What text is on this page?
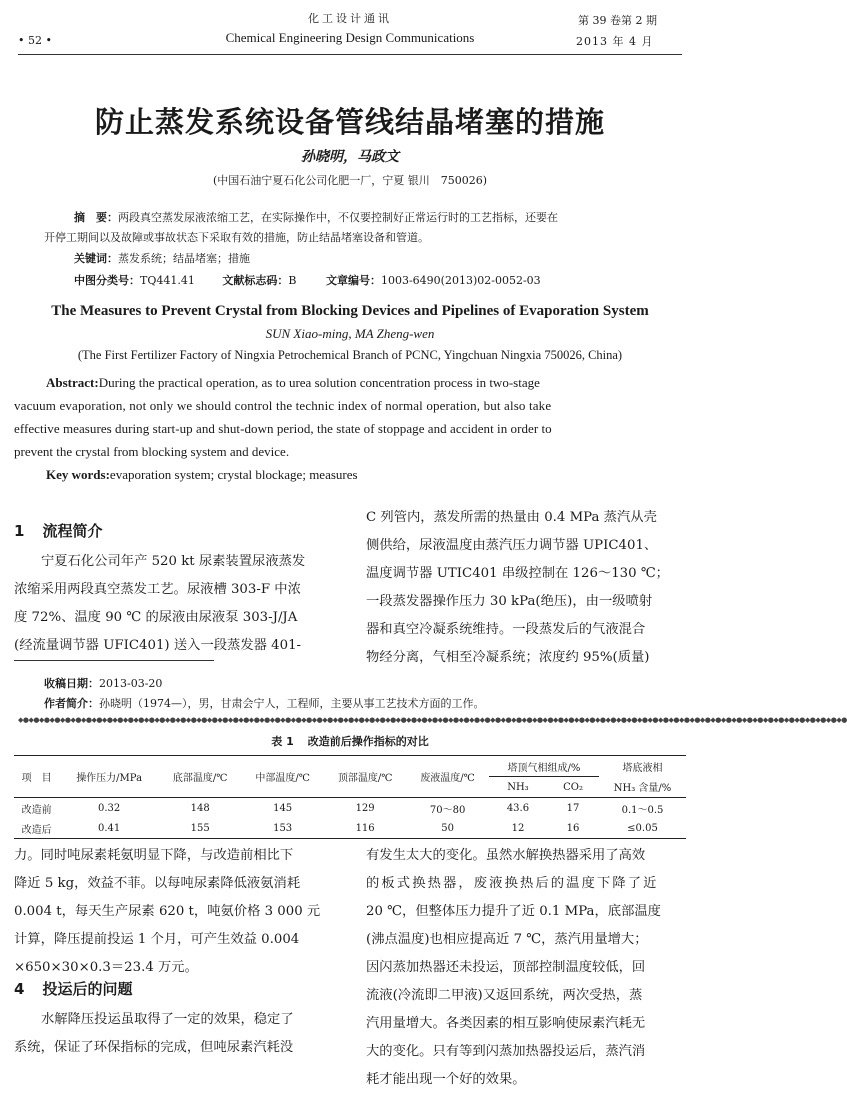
• 52 •
化工设计通讯
Chemical Engineering Design Communications
第 39 卷第 2 期
2013 年 4 月
防止蒸发系统设备管线结晶堵塞的措施
孙晓明，马政文
(中国石油宁夏石化公司化肥一厂，宁夏 银川　750026)
摘　要：两段真空蒸发尿液浓缩工艺，在实际操作中，不仅要控制好正常运行时的工艺指标，还要在
开停工期间以及故障或事故状态下采取有效的措施，防止结晶堵塞设备和管道。
关键词：蒸发系统；结晶堵塞；措施
中图分类号：TQ441.41	文献标志码：B	文章编号：1003-6490(2013)02-0052-03
The Measures to Prevent Crystal from Blocking Devices and Pipelines of Evaporation System
SUN Xiao-ming, MA Zheng-wen
(The First Fertilizer Factory of Ningxia Petrochemical Branch of PCNC, Yingchuan Ningxia 750026, China)
Abstract:During the practical operation, as to urea solution concentration process in two-stage
vacuum evaporation, not only we should control the technic index of normal operation, but also take
effective measures during start-up and shut-down period, the state of stoppage and accident in order to
prevent the crystal from blocking system and device.
Key words:evaporation system; crystal blockage; measures
1 流程简介
宁夏石化公司年产 520 kt 尿素装置尿液蒸发
浓缩采用两段真空蒸发工艺。尿液槽 303-F 中浓
度 72%、温度 90 ℃ 的尿液由尿液泵 303-J/JA
(经流量调节器 UFIC401) 送入一段蒸发器 401-
C 列管内，蒸发所需的热量由 0.4 MPa 蒸汽从壳
侧供给，尿液温度由蒸汽压力调节器 UPIC401、
温度调节器 UTIC401 串级控制在 126～130 ℃；
一段蒸发器操作压力 30 kPa(绝压)，由一级喷射
器和真空冷凝系统维持。一段蒸发后的气液混合
物经分离，气相至冷凝系统；浓度约 95%(质量)
收稿日期：2013-03-20
作者简介：孙晓明（1974—），男，甘肃会宁人，工程师，主要从事工艺技术方面的工作。
◆●◆●◆●◆●◆●◆●◆●◆●◆●◆●◆●◆●◆●◆●◆●◆●◆●◆●◆●◆●◆●◆●◆●◆●◆●◆●◆●◆●◆●◆●◆●◆●◆●◆●◆●◆●◆●◆●◆●◆●◆●◆●◆●◆●◆●◆●◆●◆●◆●◆●◆●◆●◆●◆●◆●◆●◆●◆●◆●◆●◆●◆●◆●◆●◆●◆●◆●◆●◆●◆●◆●◆●◆●◆●◆●◆●◆●◆●◆●
表 1 改造前后操作指标的对比
项　目	操作压力/MPa	底部温度/℃	中部温度/℃	顶部温度/℃	废液温度/℃	塔顶气相组成/%		塔底液相
						NH₃	CO₂	NH₃ 含量/%
改造前	0.32	148	145	129	70～80	43.6	17	0.1～0.5
改造后	0.41	155	153	116	50	12	16	≤0.05
力。同时吨尿素耗氨明显下降，与改造前相比下
降近 5 kg，效益不菲。以每吨尿素降低液氨消耗
0.004 t，每天生产尿素 620 t，吨氨价格 3 000 元
计算，降压提前投运 1 个月，可产生效益 0.004
×650×30×0.3＝23.4 万元。
4 投运后的问题
水解降压投运虽取得了一定的效果，稳定了
系统，保证了环保指标的完成，但吨尿素汽耗没
有发生太大的变化。虽然水解换热器采用了高效
的板式换热器，废液换热后的温度下降了近
20 ℃，但整体压力提升了近 0.1 MPa，底部温度
(沸点温度)也相应提高近 7 ℃，蒸汽用量增大；
因闪蒸加热器还未投运，顶部控制温度较低，回
流液(冷流即二甲液)又返回系统，两次受热，蒸
汽用量增大。各类因素的相互影响使尿素汽耗无
大的变化。只有等到闪蒸加热器投运后，蒸汽消
耗才能出现一个好的效果。
